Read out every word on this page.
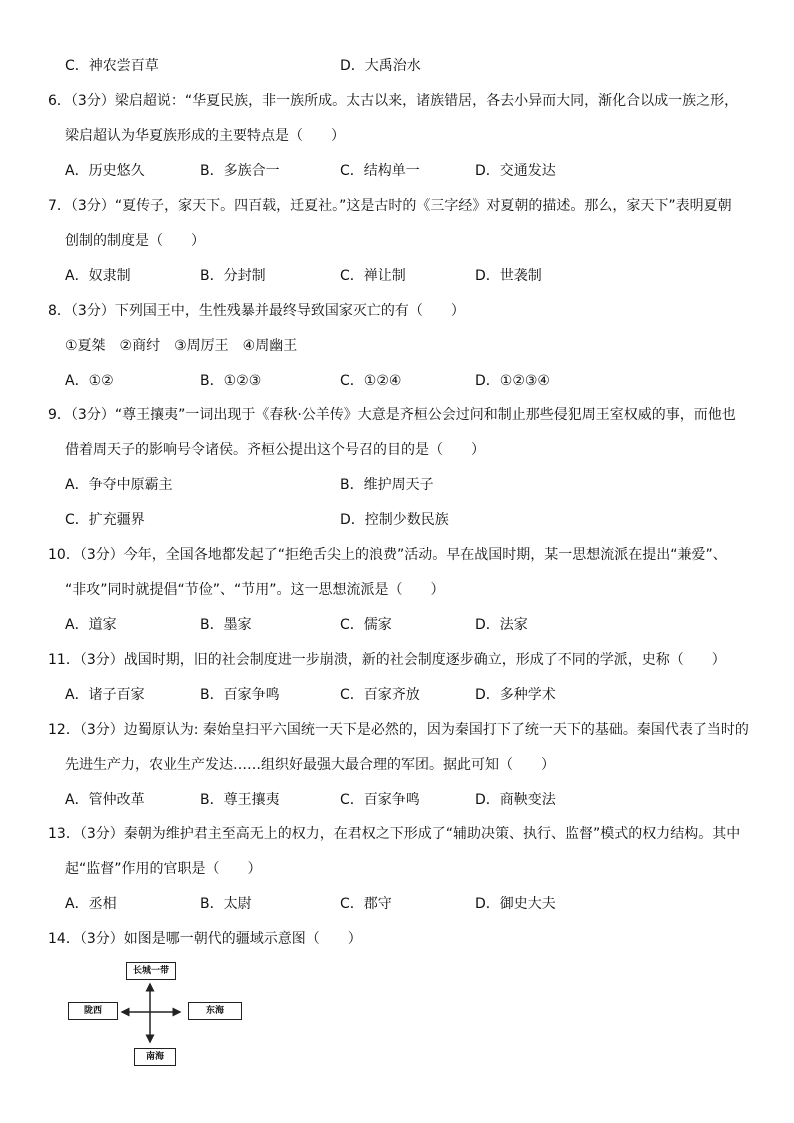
C．神农尝百草	D．大禹治水
6．（3分）梁启超说：“华夏民族，非一族所成。太古以来，诸族错居，各去小异而大同，渐化合以成一族之形，
梁启超认为华夏族形成的主要特点是（　　）
A．历史悠久	B．多族合一	C．结构单一	D．交通发达
7．（3分）“夏传子，家天下。四百载，迁夏社。”这是古时的《三字经》对夏朝的描述。那么，家天下”表明夏朝
创制的制度是（　　）
A．奴隶制	B．分封制	C．禅让制	D．世袭制
8．（3分）下列国王中，生性残暴并最终导致国家灭亡的有（　　）
①夏桀　②商纣　③周厉王　④周幽王
A．①②	B．①②③	C．①②④	D．①②③④
9．（3分）“尊王攘夷”一词出现于《春秋·公羊传》大意是齐桓公会过问和制止那些侵犯周王室权威的事，而他也
借着周天子的影响号令诸侯。齐桓公提出这个号召的目的是（　　）
A．争夺中原霸主	B．维护周天子
C．扩充疆界	D．控制少数民族
10．（3分）今年，全国各地都发起了“拒绝舌尖上的浪费”活动。早在战国时期，某一思想流派在提出“兼爱”、
“非攻”同时就提倡“节俭”、“节用”。这一思想流派是（　　）
A．道家	B．墨家	C．儒家	D．法家
11．（3分）战国时期，旧的社会制度进一步崩溃，新的社会制度逐步确立，形成了不同的学派，史称（　　）
A．诸子百家	B．百家争鸣	C．百家齐放	D．多种学术
12．（3分）边蜀原认为: 秦始皇扫平六国统一天下是必然的，因为秦国打下了统一天下的基础。秦国代表了当时的
先进生产力，农业生产发达……组织好最强大最合理的军团。据此可知（　　）
A．管仲改革	B．尊王攘夷	C．百家争鸣	D．商鞅变法
13．（3分）秦朝为维护君主至高无上的权力，在君权之下形成了“辅助决策、执行、监督”模式的权力结构。其中
起“监督”作用的官职是（　　）
A．丞相	B．太尉	C．郡守	D．御史大夫
14．（3分）如图是哪一朝代的疆域示意图（　　）
长城一带
陇西	东海
南海
